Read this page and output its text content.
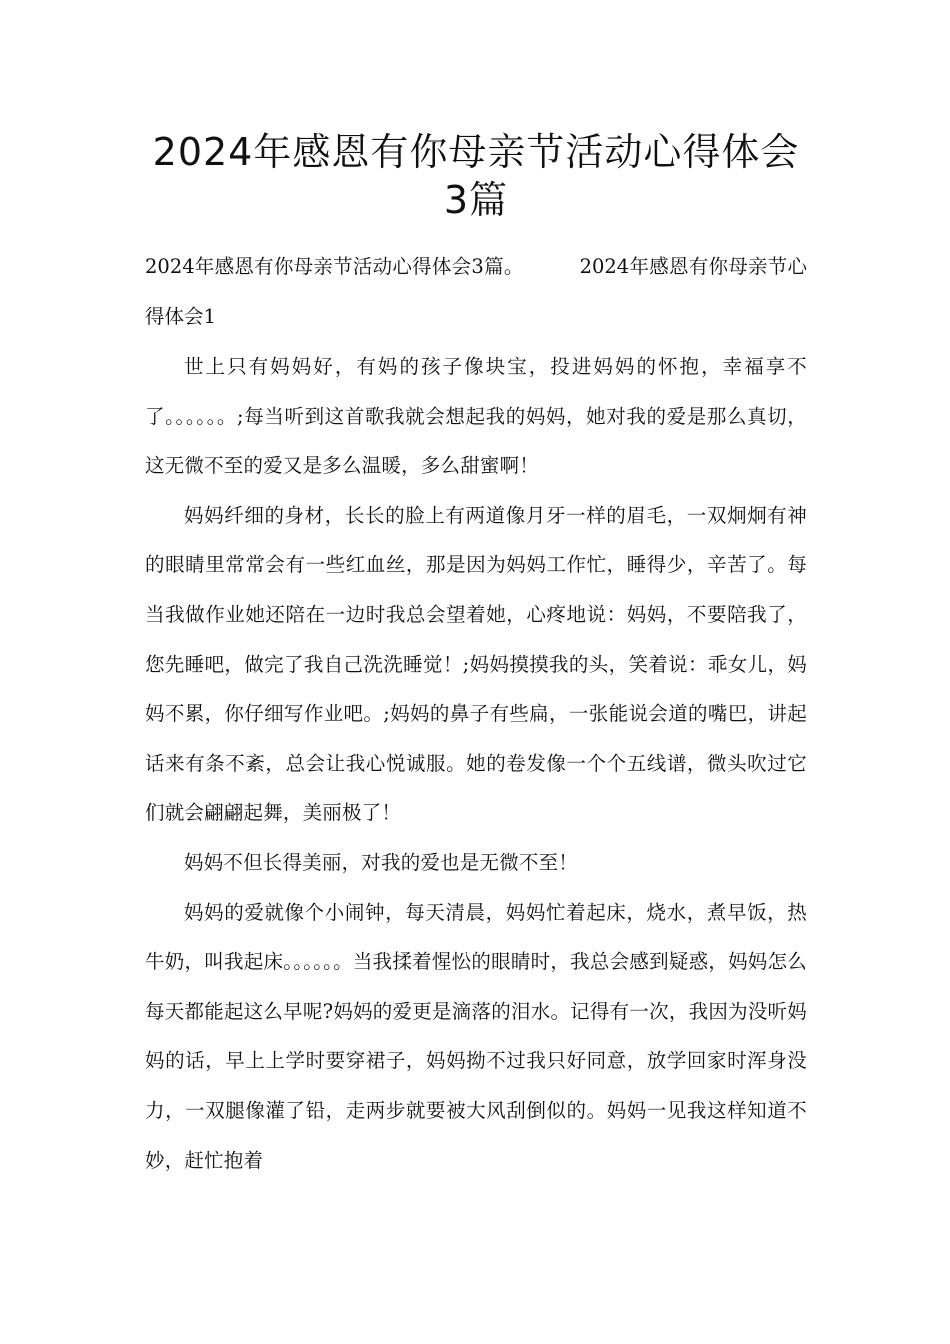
2024年感恩有你母亲节活动心得体会3篇

2024年感恩有你母亲节活动心得体会3篇。	2024年感恩有你母亲节心得体会1

世上只有妈妈好，有妈的孩子像块宝，投进妈妈的怀抱，幸福享不了。。。。。。;每当听到这首歌我就会想起我的妈妈，她对我的爱是那么真切，这无微不至的爱又是多么温暖，多么甜蜜啊！

妈妈纤细的身材，长长的脸上有两道像月牙一样的眉毛，一双炯炯有神的眼睛里常常会有一些红血丝，那是因为妈妈工作忙，睡得少，辛苦了。每当我做作业她还陪在一边时我总会望着她，心疼地说：妈妈，不要陪我了，您先睡吧，做完了我自己洗洗睡觉！;妈妈摸摸我的头，笑着说：乖女儿，妈妈不累，你仔细写作业吧。;妈妈的鼻子有些扁，一张能说会道的嘴巴，讲起话来有条不紊，总会让我心悦诚服。她的卷发像一个个五线谱，微头吹过它们就会翩翩起舞，美丽极了！

妈妈不但长得美丽，对我的爱也是无微不至！

妈妈的爱就像个小闹钟，每天清晨，妈妈忙着起床，烧水，煮早饭，热牛奶，叫我起床。。。。。。当我揉着惺忪的眼睛时，我总会感到疑惑，妈妈怎么每天都能起这么早呢?妈妈的爱更是滴落的泪水。记得有一次，我因为没听妈妈的话，早上上学时要穿裙子，妈妈拗不过我只好同意，放学回家时浑身没力，一双腿像灌了铅，走两步就要被大风刮倒似的。妈妈一见我这样知道不妙，赶忙抱着
